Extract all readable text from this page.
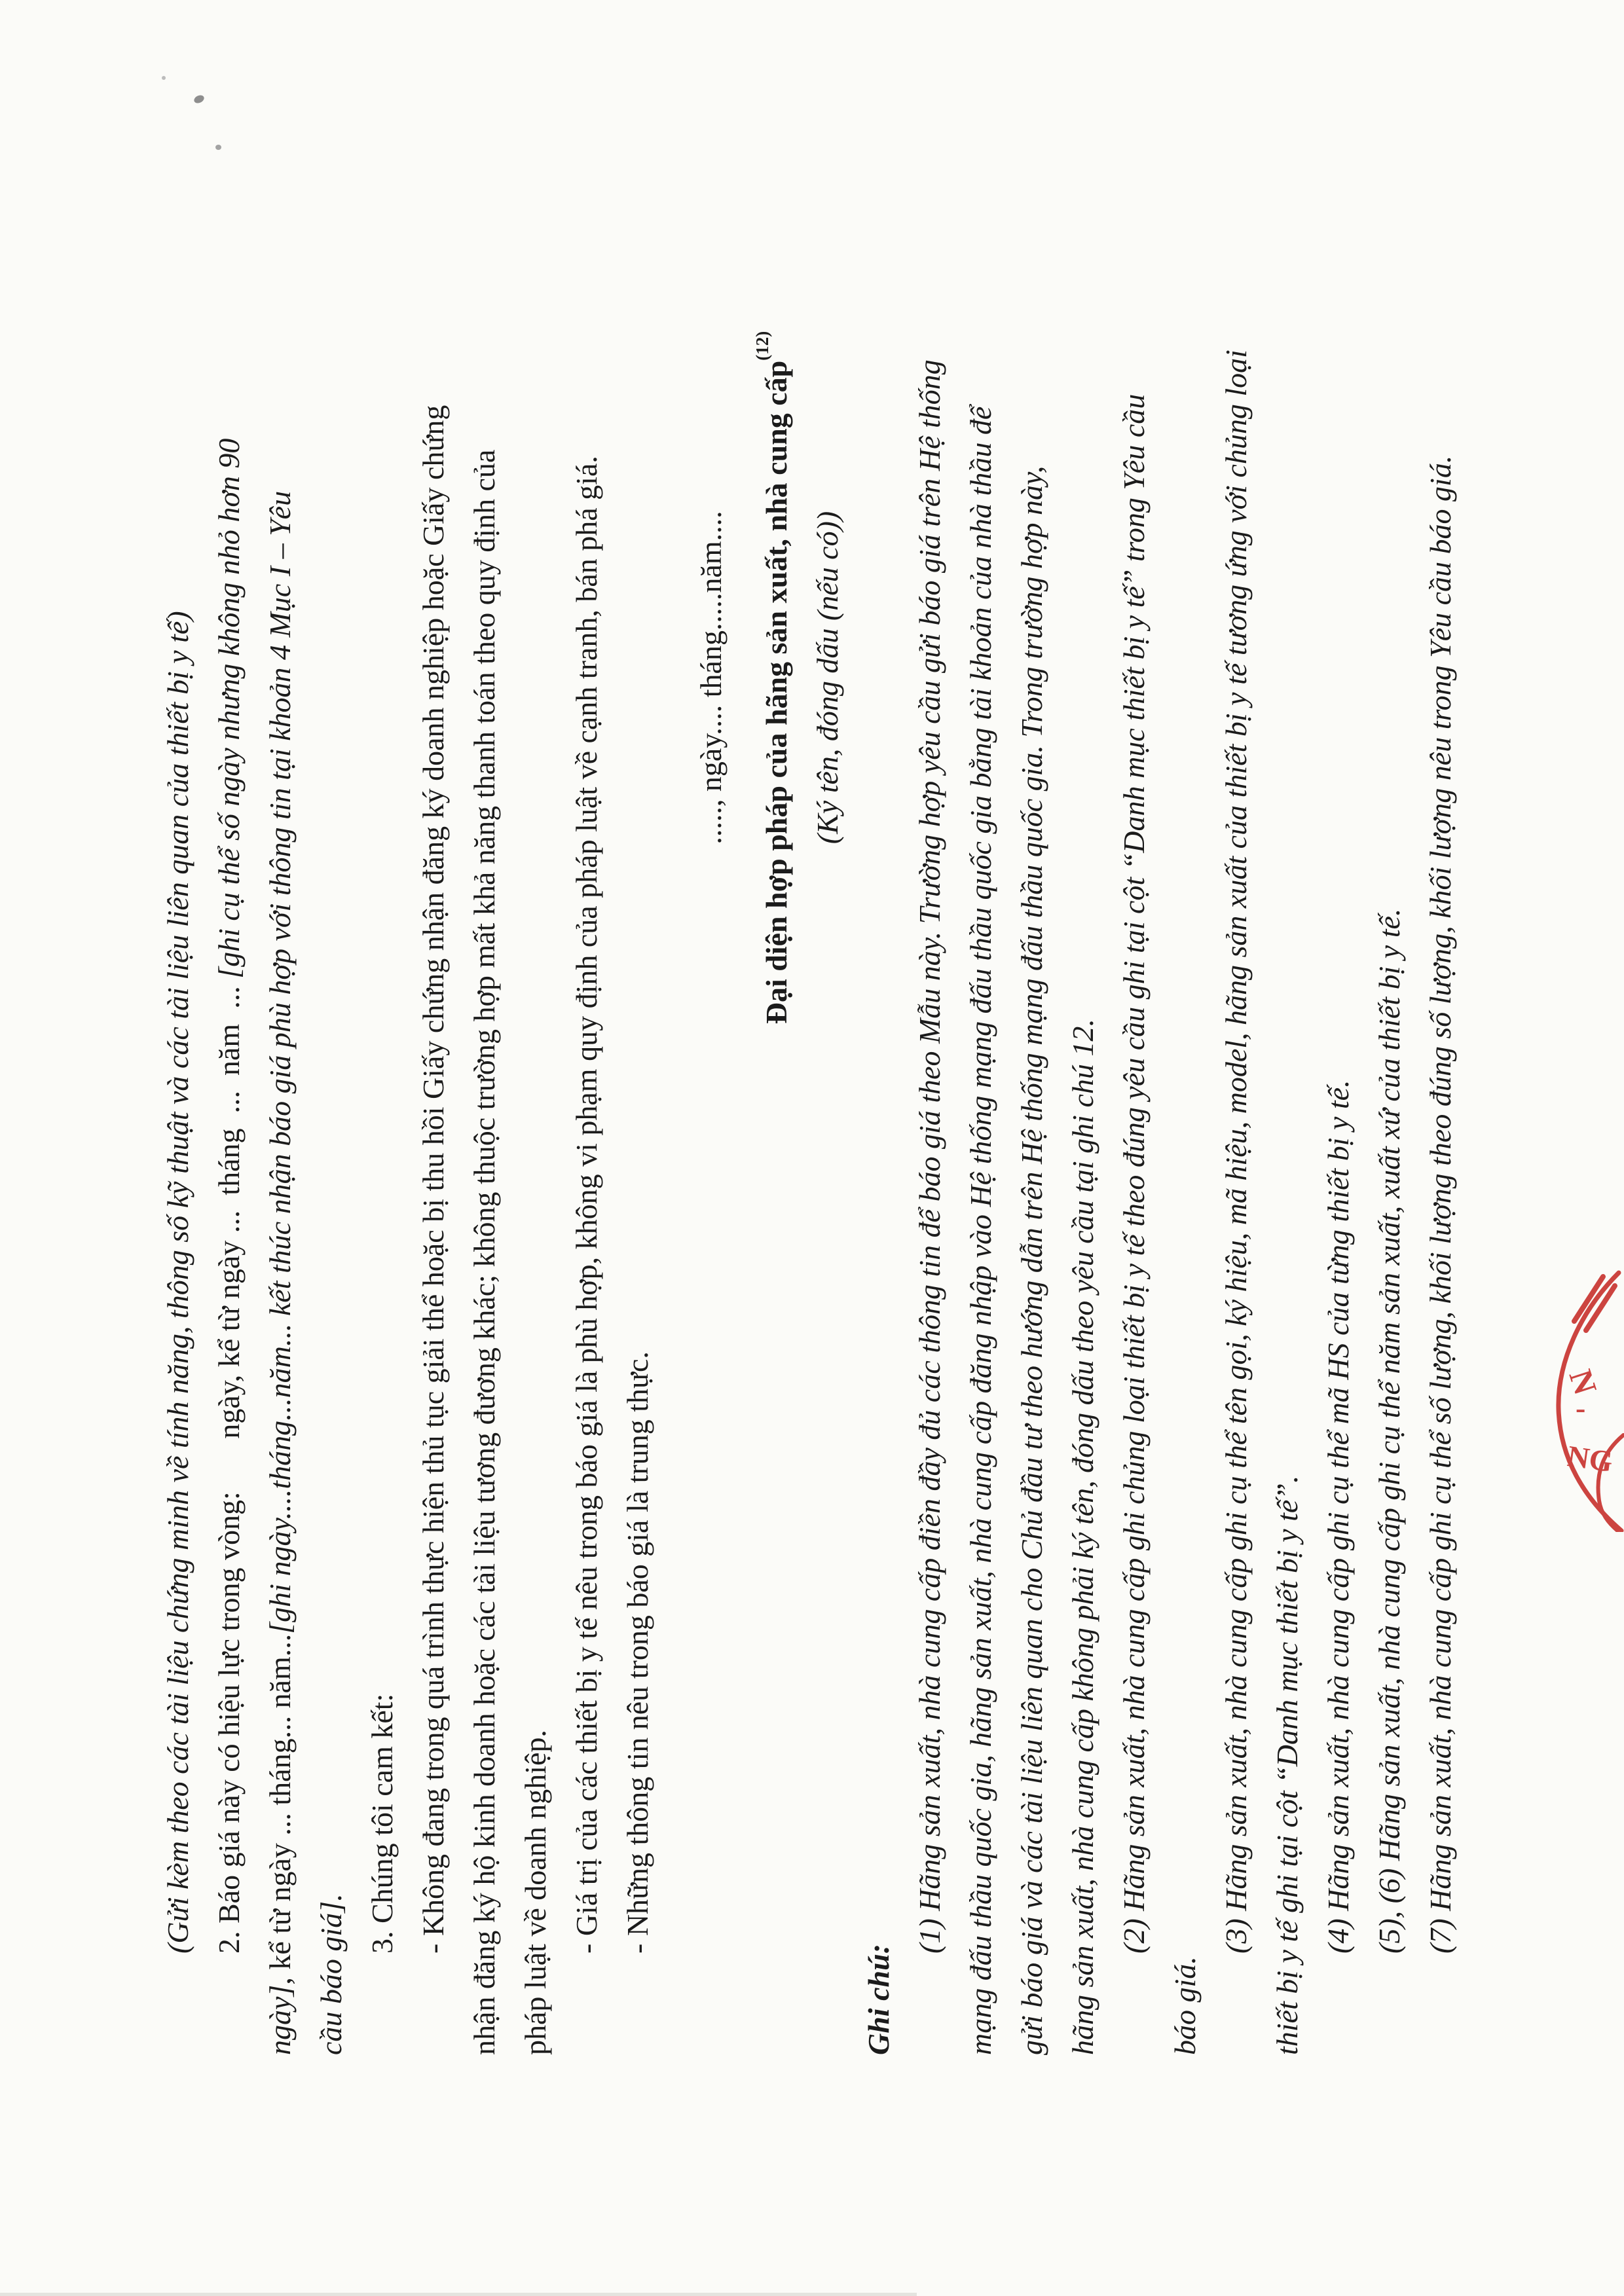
(Gửi kèm theo các tài liệu chứng minh về tính năng, thông số kỹ thuật và các tài liệu liên quan của thiết bị y tế) 2. Báo giá này có hiệu lực trong vòng:       ngày, kể từ ngày ...  tháng  ...  năm  ... [ghi cụ thể số ngày nhưng không nhỏ hơn 90

ngày], kể từ ngày ... tháng... năm...[ghi ngày....tháng...năm... kết thúc nhận báo giá phù hợp với thông tin tại khoản 4 Mục I – Yêu

cầu báo giá].

3. Chúng tôi cam kết: - Không đang trong quá trình thực hiện thủ tục giải thể hoặc bị thu hồi Giấy chứng nhận đăng ký doanh nghiệp hoặc Giấy chứng nhận đăng ký hộ kinh doanh hoặc các tài liệu tương đương khác; không thuộc trường hợp mất khả năng thanh toán theo quy định của pháp luật về doanh nghiệp. - Giá trị của các thiết bị y tế nêu trong báo giá là phù hợp, không vi phạm quy định của pháp luật về cạnh tranh, bán phá giá. - Những thông tin nêu trong báo giá là trung thực.

....., ngày.... tháng.....năm....	Đại diện hợp pháp của hãng sản xuất, nhà cung cấp$^{(12)}$

(Ký tên, đóng dấu (nếu có))

Ghi chú:

(1) Hãng sản xuất, nhà cung cấp điền đầy đủ các thông tin để báo giá theo Mẫu này. Trường hợp yêu cầu gửi báo giá trên Hệ thống mạng đấu thầu quốc gia, hãng sản xuất, nhà cung cấp đăng nhập vào Hệ thống mạng đấu thầu quốc gia bằng tài khoản của nhà thầu để gửi báo giá và các tài liệu liên quan cho Chủ đầu tư theo hướng dẫn trên Hệ thống mạng đấu thầu quốc gia. Trong trường hợp này, hãng sản xuất, nhà cung cấp không phải ký tên, đóng dấu theo yêu cầu tại ghi chú 12. (2) Hãng sản xuất, nhà cung cấp ghi chủng loại thiết bị y tế theo đúng yêu cầu ghi tại cột “Danh mục thiết bị y tế” trong Yêu cầu

báo giá.

(3) Hãng sản xuất, nhà cung cấp ghi cụ thể tên gọi, ký hiệu, mã hiệu, model, hãng sản xuất của thiết bị y tế tương ứng với chủng loại thiết bị y tế ghi tại cột “Danh mục thiết bị y tế”. (4) Hãng sản xuất, nhà cung cấp ghi cụ thể mã HS của từng thiết bị y tế. (5), (6) Hãng sản xuất, nhà cung cấp ghi cụ thể năm sản xuất, xuất xứ của thiết bị y tế. (7) Hãng sản xuất, nhà cung cấp ghi cụ thể số lượng, khối lượng theo đúng số lượng, khối lượng nêu trong Yêu cầu báo giá.	N
-
NG
